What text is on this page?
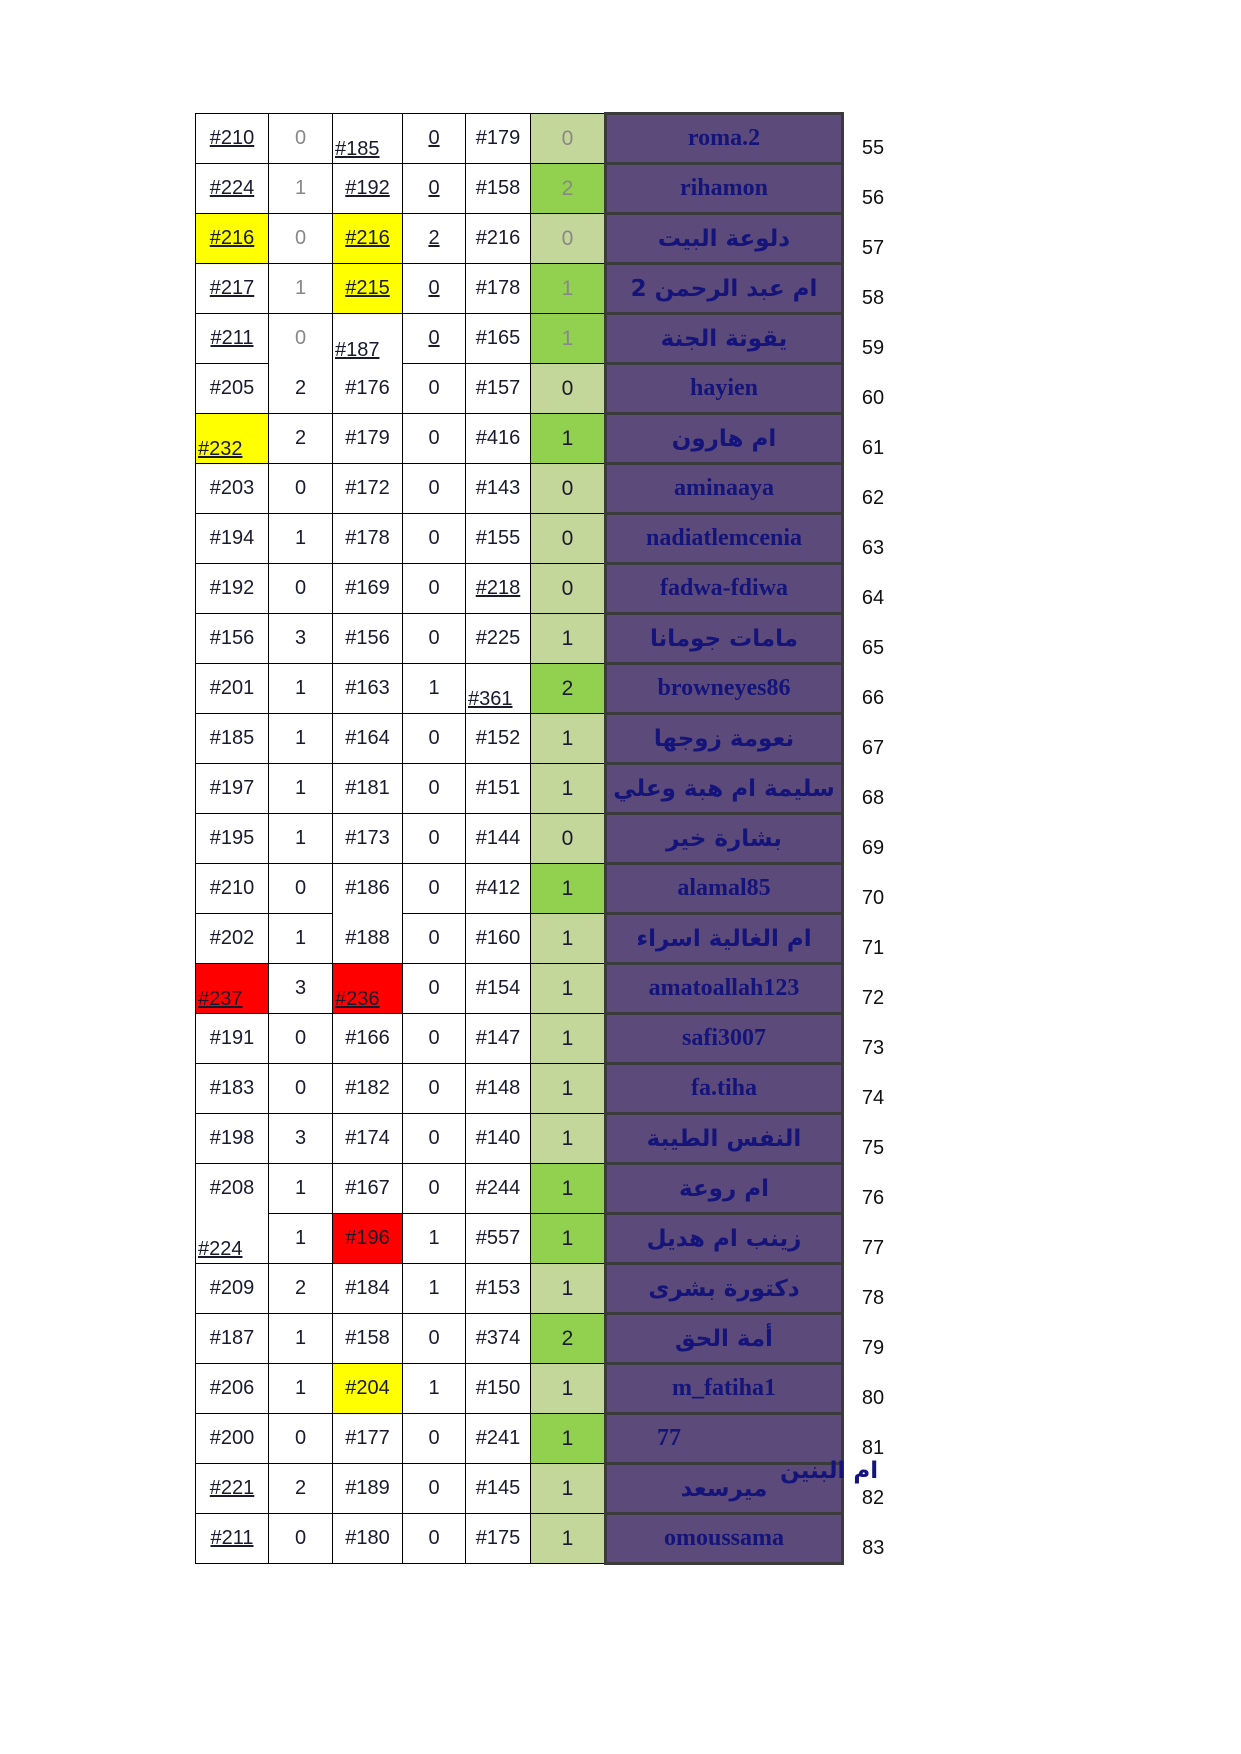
#210	0	#185	0	#179	0	roma.2	55
#224	1	#192	0	#158	2	rihamon	56
#216	0	#216	2	#216	0	دلوعة البيت	57
#217	1	#215	0	#178	1	ام عبد الرحمن 2	58
#211	0	#187	0	#165	1	يقوتة الجنة	59
#205	2	#176	0	#157	0	hayien	60
#232	2	#179	0	#416	1	ام هارون	61
#203	0	#172	0	#143	0	aminaaya	62
#194	1	#178	0	#155	0	nadiatlemcenia	63
#192	0	#169	0	#218	0	fadwa-fdiwa	64
#156	3	#156	0	#225	1	مامات جومانا	65
#201	1	#163	1	#361	2	browneyes86	66
#185	1	#164	0	#152	1	نعومة زوجها	67
#197	1	#181	0	#151	1	سليمة ام هبة وعلي	68
#195	1	#173	0	#144	0	بشارة خير	69
#210	0	#186	0	#412	1	alamal85	70
#202	1	#188	0	#160	1	ام الغالية اسراء	71
#237	3	#236	0	#154	1	amatoallah123	72
#191	0	#166	0	#147	1	safi3007	73
#183	0	#182	0	#148	1	fa.tiha	74
#198	3	#174	0	#140	1	النفس الطيبة	75
#208	1	#167	0	#244	1	ام روعة	76
#224	1	#196	1	#557	1	زينب ام هديل	77
#209	2	#184	1	#153	1	دكتورة بشرى	78
#187	1	#158	0	#374	2	أمة الحق	79
#206	1	#204	1	#150	1	m_fatiha1	80
#200	0	#177	0	#241	1	77	81
#221	2	#189	0	#145	1	ميرسعد	82
#211	0	#180	0	#175	1	omoussama	83
ام البنين
